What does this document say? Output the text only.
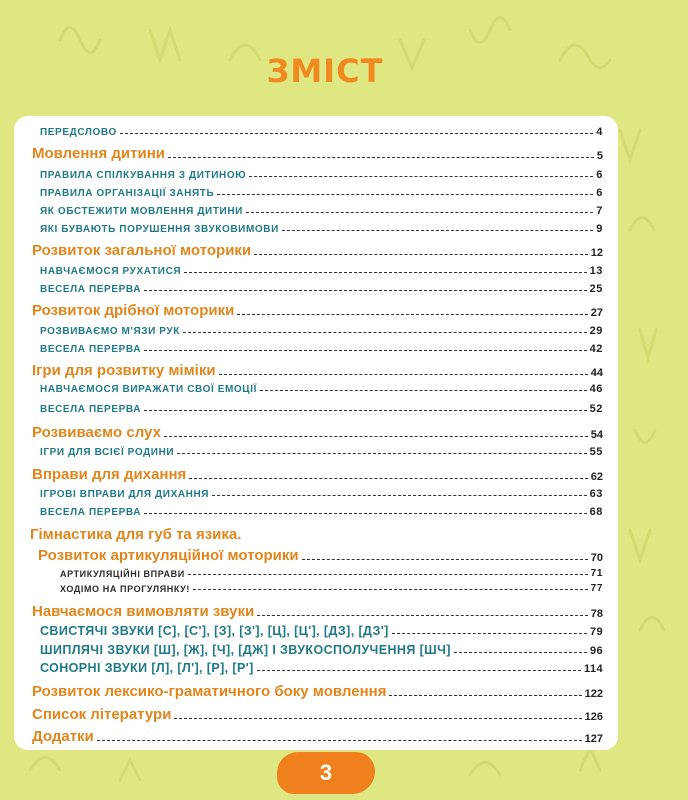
ЗМІСТ
ПЕРЕДСЛОВО	4
Мовлення дитини	5
ПРАВИЛА СПІЛКУВАННЯ З ДИТИНОЮ	6
ПРАВИЛА ОРГАНІЗАЦІЇ ЗАНЯТЬ	6
ЯК ОБСТЕЖИТИ МОВЛЕННЯ ДИТИНИ	7
ЯКІ БУВАЮТЬ ПОРУШЕННЯ ЗВУКОВИМОВИ	9
Розвиток загальної моторики	12
НАВЧАЄМОСЯ РУХАТИСЯ	13
ВЕСЕЛА ПЕРЕРВА	25
Розвиток дрібної моторики	27
РОЗВИВАЄМО М'ЯЗИ РУК	29
ВЕСЕЛА ПЕРЕРВА	42
Ігри для розвитку міміки	44
НАВЧАЄМОСЯ ВИРАЖАТИ СВОЇ ЕМОЦІЇ	46
ВЕСЕЛА ПЕРЕРВА	52
Розвиваємо слух	54
ІГРИ ДЛЯ ВСІЄЇ РОДИНИ	55
Вправи для дихання	62
ІГРОВІ ВПРАВИ ДЛЯ ДИХАННЯ	63
ВЕСЕЛА ПЕРЕРВА	68
Гімнастика для губ та язика.
Розвиток артикуляційної моторики	70
АРТИКУЛЯЦІЙНІ ВПРАВИ	71
ХОДІМО НА ПРОГУЛЯНКУ!	77
Навчаємося вимовляти звуки	78
СВИСТЯЧІ ЗВУКИ [С], [С'], [З], [З'], [Ц], [Ц'], [ДЗ], [ДЗ']	79
ШИПЛЯЧІ ЗВУКИ [Ш], [Ж], [Ч], [ДЖ] І ЗВУКОСПОЛУЧЕННЯ [ШЧ]	96
СОНОРНІ ЗВУКИ [Л], [Л'], [Р], [Р']	114
Розвиток лексико-граматичного боку мовлення	122
Список літератури	126
Додатки	127
3
